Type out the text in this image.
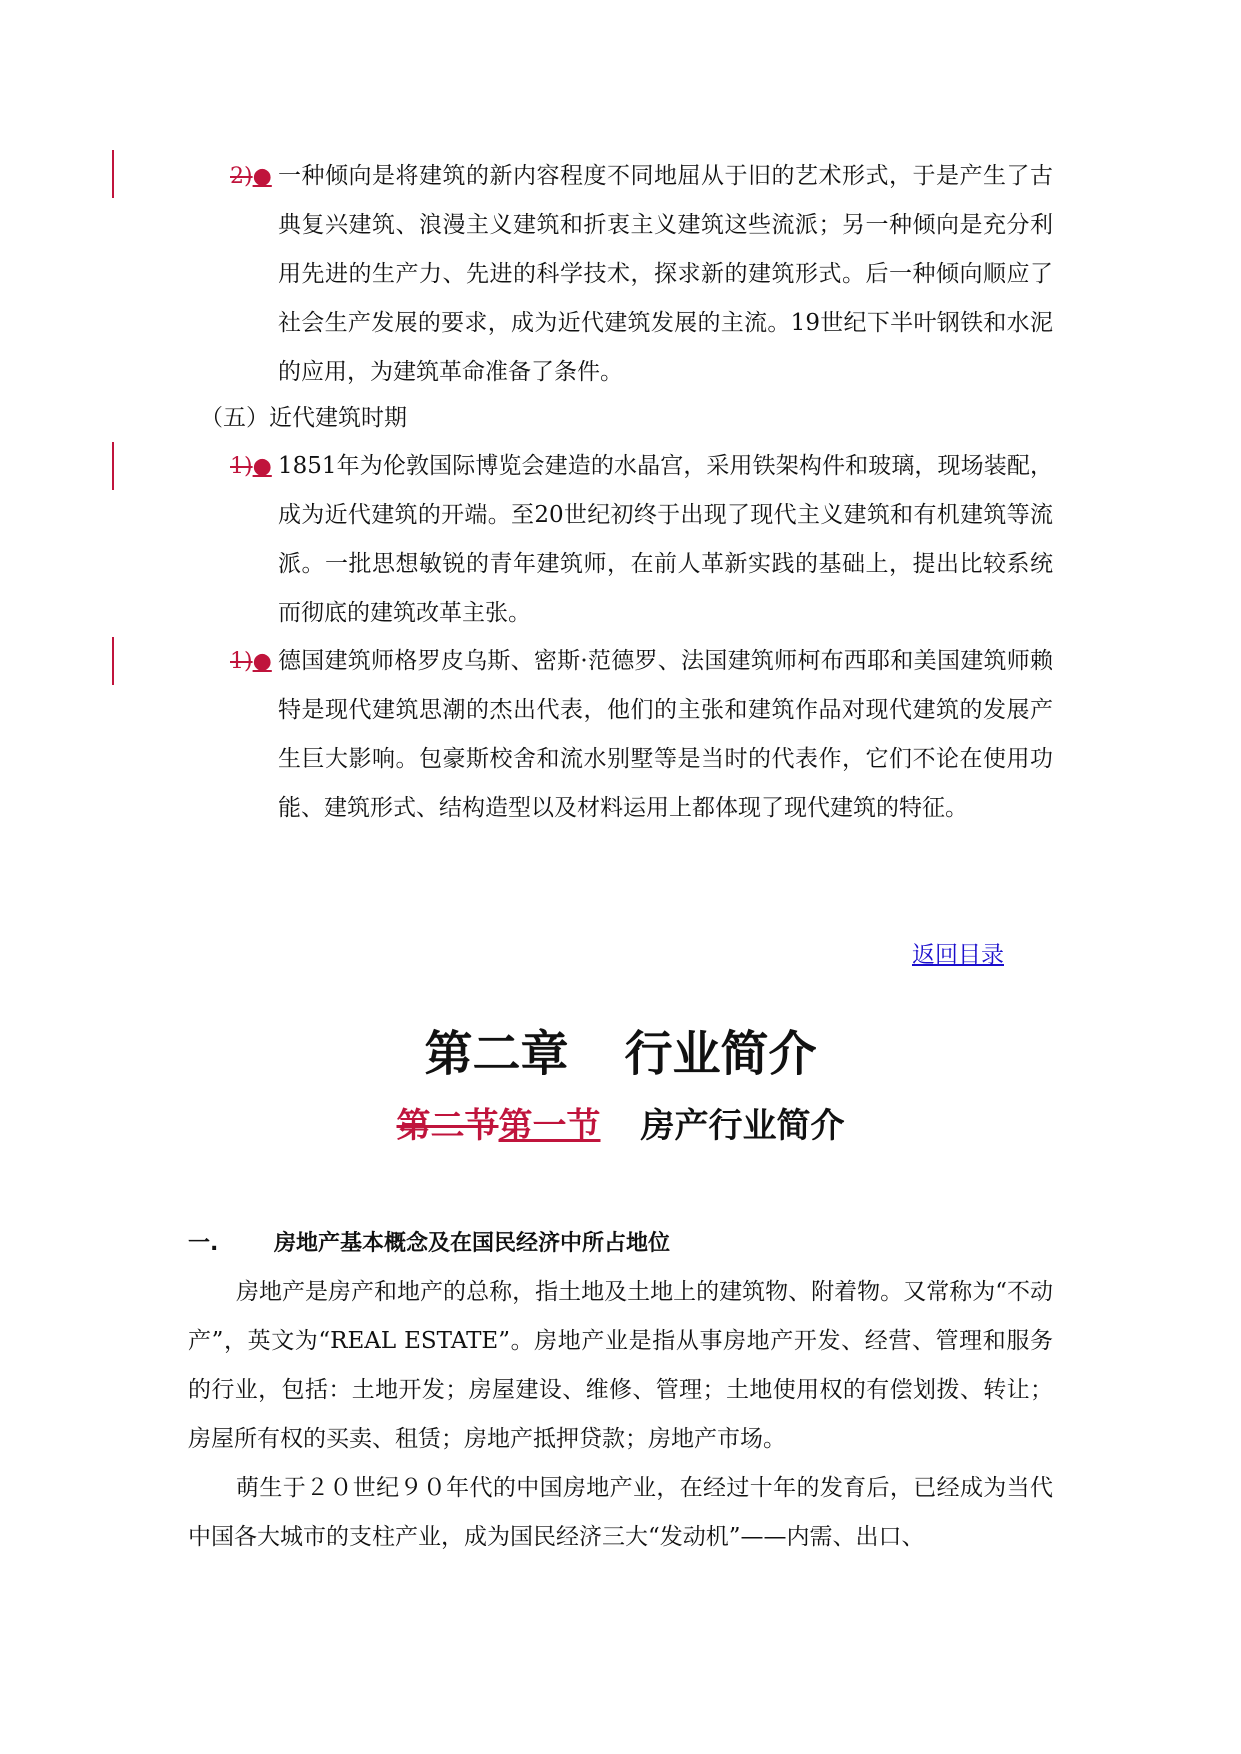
2)● 一种倾向是将建筑的新内容程度不同地屈从于旧的艺术形式，于是产生了古典复兴建筑、浪漫主义建筑和折衷主义建筑这些流派；另一种倾向是充分利用先进的生产力、先进的科学技术，探求新的建筑形式。后一种倾向顺应了社会生产发展的要求，成为近代建筑发展的主流。19世纪下半叶钢铁和水泥的应用，为建筑革命准备了条件。

（五）近代建筑时期
1)● 1851年为伦敦国际博览会建造的水晶宫，采用铁架构件和玻璃，现场装配，成为近代建筑的开端。至20世纪初终于出现了现代主义建筑和有机建筑等流派。一批思想敏锐的青年建筑师，在前人革新实践的基础上，提出比较系统而彻底的建筑改革主张。

1)● 德国建筑师格罗皮乌斯、密斯·范德罗、法国建筑师柯布西耶和美国建筑师赖特是现代建筑思潮的杰出代表，他们的主张和建筑作品对现代建筑的发展产生巨大影响。包豪斯校舍和流水别墅等是当时的代表作，它们不论在使用功能、建筑形式、结构造型以及材料运用上都体现了现代建筑的特征。

返回目录
第二章 行业简介
第二节第一节 房产行业简介
一.	房地产基本概念及在国民经济中所占地位

房地产是房产和地产的总称，指土地及土地上的建筑物、附着物。又常称为“不动产”，英文为“REAL ESTATE”。房地产业是指从事房地产开发、经营、管理和服务的行业，包括：土地开发；房屋建设、维修、管理；土地使用权的有偿划拨、转让；房屋所有权的买卖、租赁；房地产抵押贷款；房地产市场。

萌生于２０世纪９０年代的中国房地产业，在经过十年的发育后，已经成为当代中国各大城市的支柱产业，成为国民经济三大“发动机”——内需、出口、
